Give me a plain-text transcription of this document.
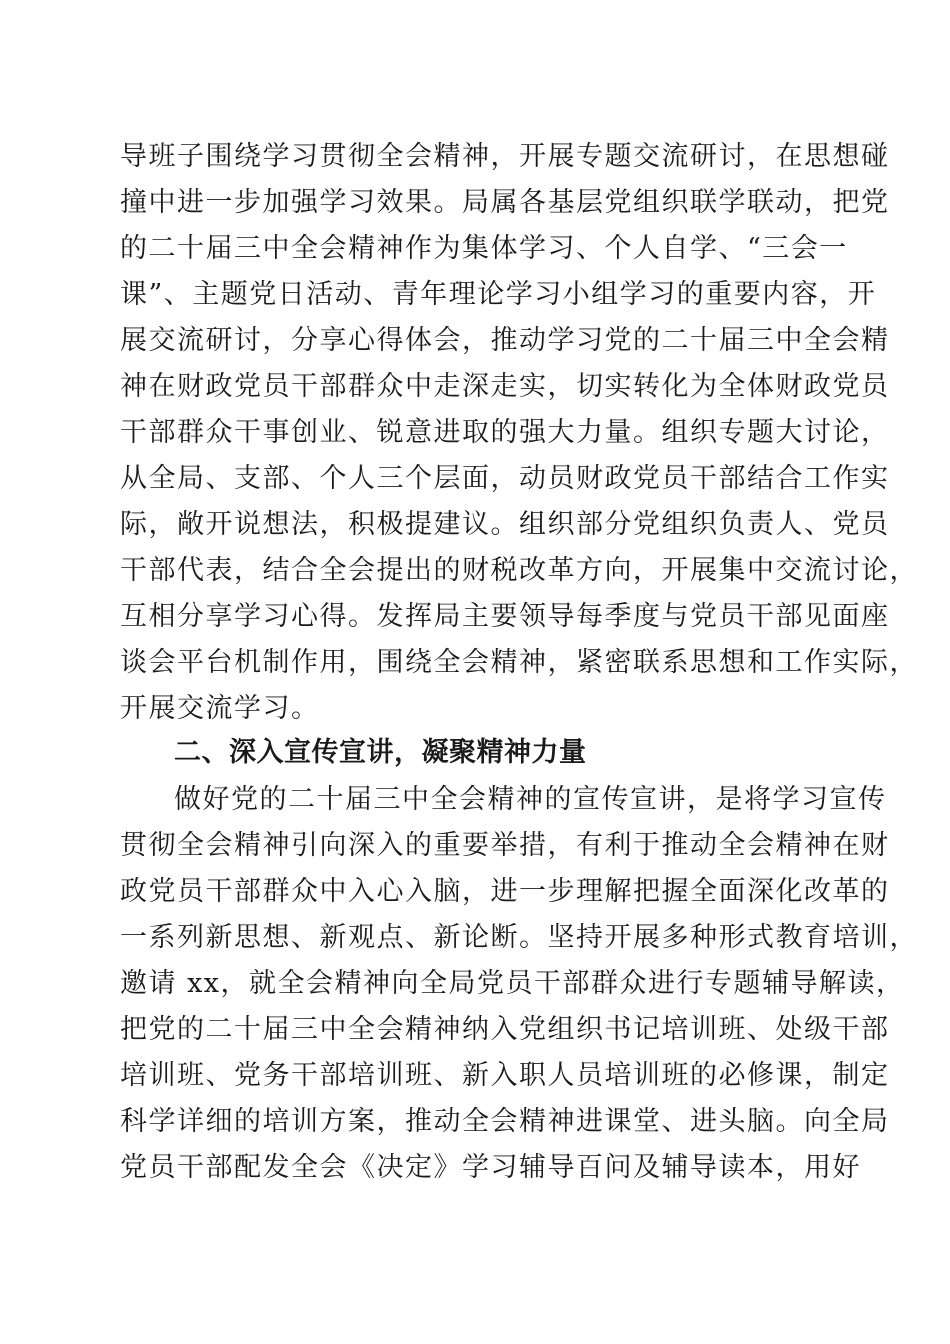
导班子围绕学习贯彻全会精神，开展专题交流研讨，在思想碰
撞中进一步加强学习效果。局属各基层党组织联学联动，把党
的二十届三中全会精神作为集体学习、个人自学、“三会一
课”、主题党日活动、青年理论学习小组学习的重要内容，开
展交流研讨，分享心得体会，推动学习党的二十届三中全会精
神在财政党员干部群众中走深走实，切实转化为全体财政党员
干部群众干事创业、锐意进取的强大力量。组织专题大讨论，
从全局、支部、个人三个层面，动员财政党员干部结合工作实
际，敞开说想法，积极提建议。组织部分党组织负责人、党员
干部代表，结合全会提出的财税改革方向，开展集中交流讨论，
互相分享学习心得。发挥局主要领导每季度与党员干部见面座
谈会平台机制作用，围绕全会精神，紧密联系思想和工作实际，
开展交流学习。
二、深入宣传宣讲，凝聚精神力量
做好党的二十届三中全会精神的宣传宣讲，是将学习宣传
贯彻全会精神引向深入的重要举措，有利于推动全会精神在财
政党员干部群众中入心入脑，进一步理解把握全面深化改革的
一系列新思想、新观点、新论断。坚持开展多种形式教育培训，
邀请 xx，就全会精神向全局党员干部群众进行专题辅导解读，
把党的二十届三中全会精神纳入党组织书记培训班、处级干部
培训班、党务干部培训班、新入职人员培训班的必修课，制定
科学详细的培训方案，推动全会精神进课堂、进头脑。向全局
党员干部配发全会《决定》学习辅导百问及辅导读本，用好
